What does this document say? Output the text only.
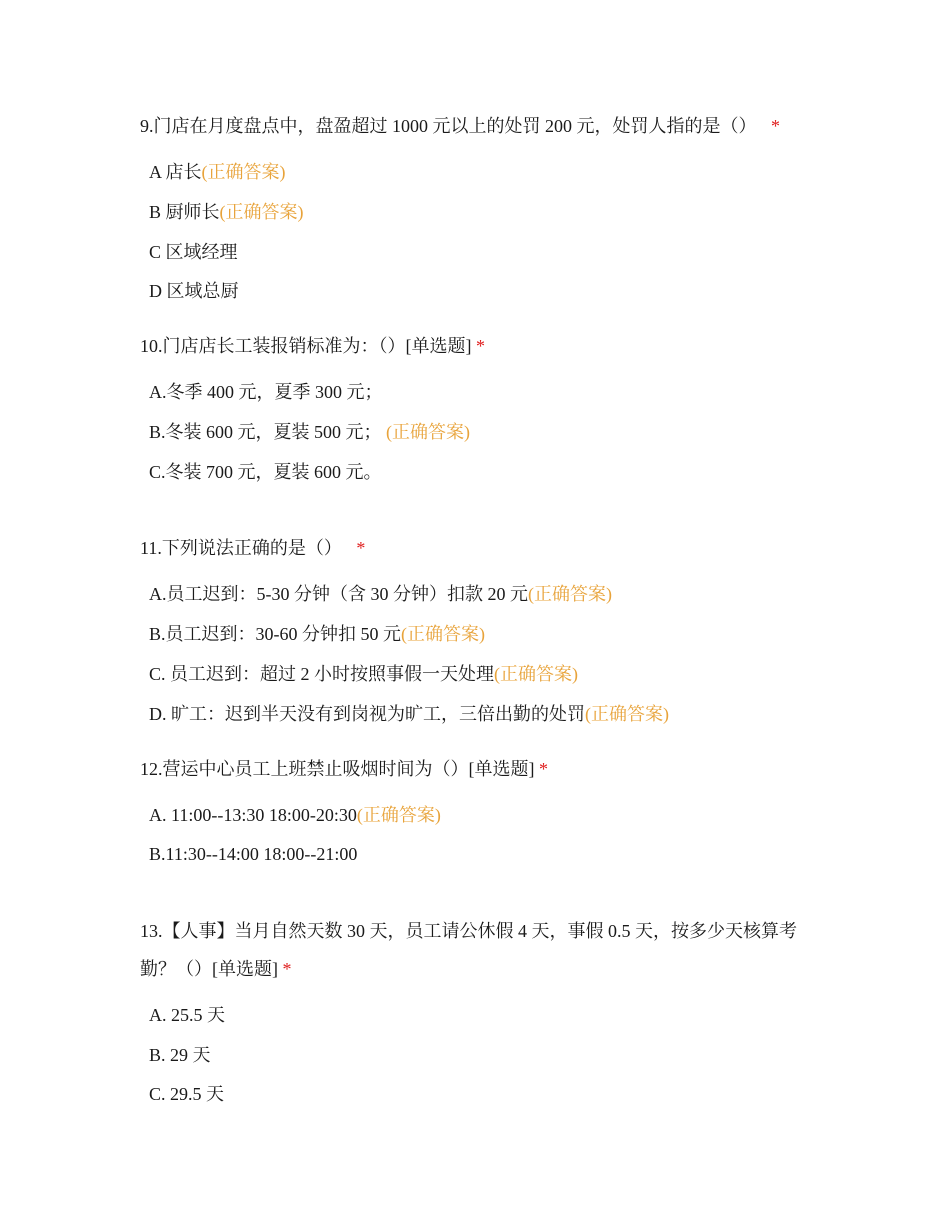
9.门店在月度盘点中，盘盈超过 1000 元以上的处罚 200 元，处罚人指的是（） *
A 店长(正确答案)
B 厨师长(正确答案)
C 区域经理
D 区域总厨
10.门店店长工装报销标准为：（）[单选题] *
A.冬季 400 元，夏季 300 元；
B.冬装 600 元，夏装 500 元； (正确答案)
C.冬装 700 元，夏装 600 元。
11.下列说法正确的是（） *
A.员工迟到：5-30 分钟（含 30 分钟）扣款 20 元(正确答案)
B.员工迟到：30-60 分钟扣 50 元(正确答案)
C. 员工迟到：超过 2 小时按照事假一天处理(正确答案)
D. 旷工：迟到半天没有到岗视为旷工，三倍出勤的处罚(正确答案)
12.营运中心员工上班禁止吸烟时间为（）[单选题] *
A. 11:00--13:30 18:00-20:30(正确答案)
B.11:30--14:00 18:00--21:00
13.【人事】当月自然天数 30 天，员工请公休假 4 天，事假 0.5 天，按多少天核算考勤？（）[单选题] *
A. 25.5 天
B. 29 天
C. 29.5 天
